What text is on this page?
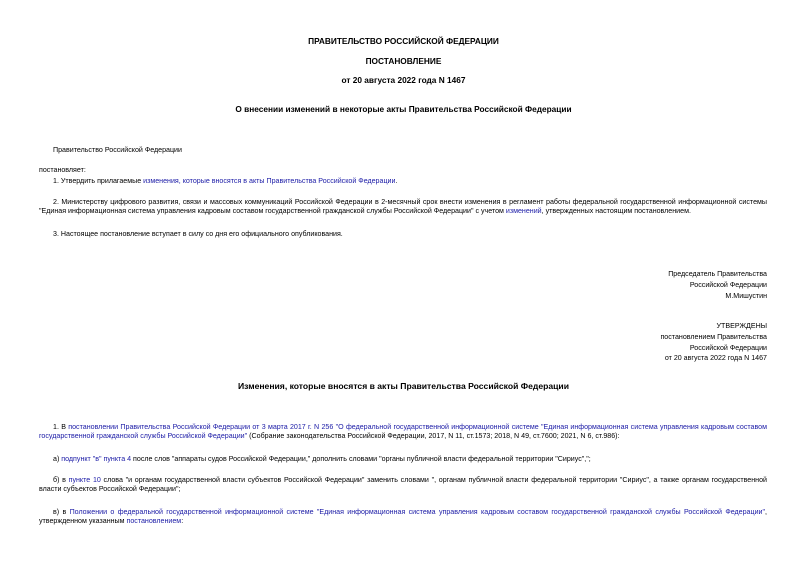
ПРАВИТЕЛЬСТВО РОССИЙСКОЙ ФЕДЕРАЦИИ
ПОСТАНОВЛЕНИЕ
от 20 августа 2022 года N 1467
О внесении изменений в некоторые акты Правительства Российской Федерации
Правительство Российской Федерации
постановляет:
1. Утвердить прилагаемые изменения, которые вносятся в акты Правительства Российской Федерации.
2. Министерству цифрового развития, связи и массовых коммуникаций Российской Федерации в 2-месячный срок внести изменения в регламент работы федеральной государственной информационной системы "Единая информационная система управления кадровым составом государственной гражданской службы Российской Федерации" с учетом изменений, утвержденных настоящим постановлением.
3. Настоящее постановление вступает в силу со дня его официального опубликования.
Председатель Правительства
Российской Федерации
М.Мишустин
УТВЕРЖДЕНЫ
постановлением Правительства
Российской Федерации
от 20 августа 2022 года N 1467
Изменения, которые вносятся в акты Правительства Российской Федерации
1. В постановлении Правительства Российской Федерации от 3 марта 2017 г. N 256 "О федеральной государственной информационной системе "Единая информационная система управления кадровым составом государственной гражданской службы Российской Федерации" (Собрание законодательства Российской Федерации, 2017, N 11, ст.1573; 2018, N 49, ст.7600; 2021, N 6, ст.986):
а) подпункт "в" пункта 4 после слов "аппараты судов Российской Федерации," дополнить словами "органы публичной власти федеральной территории "Сириус",";
б) в пункте 10 слова "и органам государственной власти субъектов Российской Федерации" заменить словами ", органам публичной власти федеральной территории "Сириус", а также органам государственной власти субъектов Российской Федерации";
в) в Положении о федеральной государственной информационной системе "Единая информационная система управления кадровым составом государственной гражданской службы Российской Федерации", утвержденном указанным постановлением:
